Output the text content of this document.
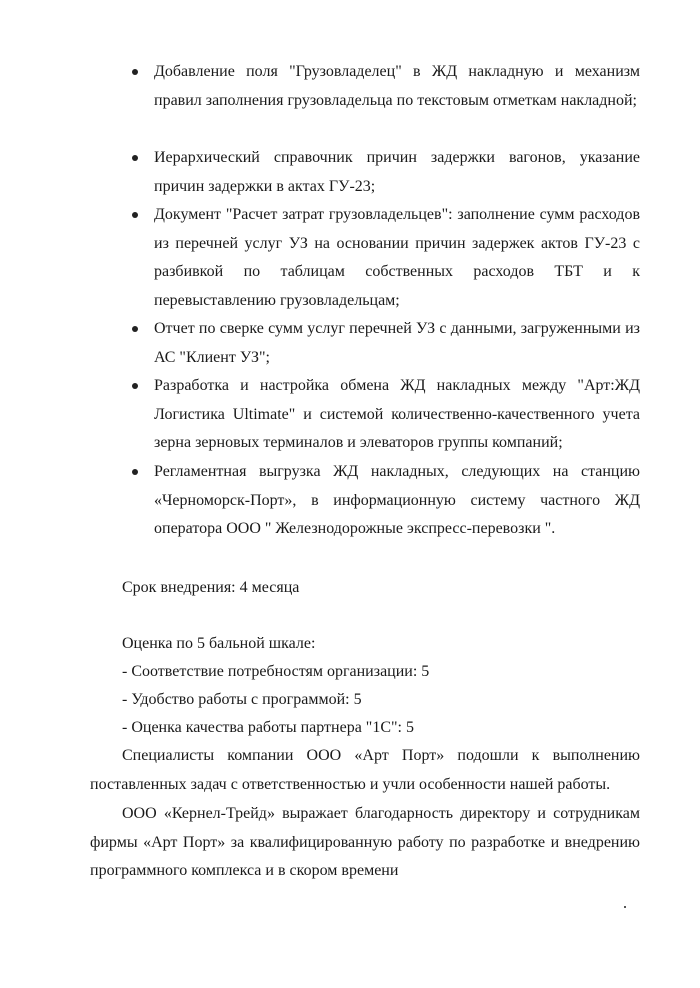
Добавление поля "Грузовладелец" в ЖД накладную и механизм правил заполнения грузовладельца по текстовым отметкам накладной;
Иерархический справочник причин задержки вагонов, указание причин задержки в актах ГУ-23;
Документ "Расчет затрат грузовладельцев": заполнение сумм расходов из перечней услуг УЗ на основании причин задержек актов ГУ-23 с разбивкой по таблицам собственных расходов ТБТ и к перевыставлению грузовладельцам;
Отчет по сверке сумм услуг перечней УЗ с данными, загруженными из АС "Клиент УЗ";
Разработка и настройка обмена ЖД накладных между "Арт:ЖД Логистика Ultimate" и системой количественно-качественного учета зерна зерновых терминалов и элеваторов группы компаний;
Регламентная выгрузка ЖД накладных, следующих на станцию «Черноморск-Порт», в информационную систему частного ЖД оператора ООО " Железнодорожные экспресс-перевозки ".
Срок внедрения: 4 месяца
Оценка по 5 бальной шкале:
- Соответствие потребностям организации: 5
- Удобство работы с программой: 5
- Оценка качества работы партнера "1С": 5

Специалисты компании ООО «Арт Порт» подошли к выполнению поставленных задач с ответственностью и учли особенности нашей работы.

ООО «Кернел-Трейд» выражает благодарность директору и сотрудникам фирмы «Арт Порт» за квалифицированную работу по разработке и внедрению программного комплекса и в скором времени
